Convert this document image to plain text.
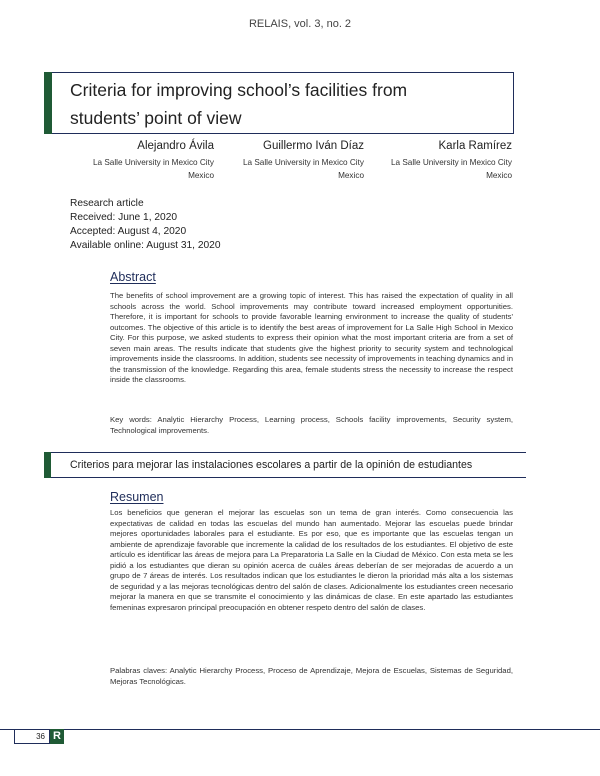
RELAIS, vol. 3, no. 2
Criteria for improving school’s facilities from
students’ point of view
Alejandro Ávila
La Salle University in Mexico City
Mexico
Guillermo Iván Díaz
La Salle University in Mexico City
Mexico
Karla Ramírez
La Salle University in Mexico City
Mexico
Research article
Received: June 1, 2020
Accepted: August 4, 2020
Available online: August 31, 2020
Abstract
The benefits of school improvement are a growing topic of interest. This has raised the expectation of quality in all schools across the world. School improvements may contribute toward increased employment opportunities. Therefore, it is important for schools to provide favorable learning environment to increase the quality of students' outcomes. The objective of this article is to identify the best areas of improvement for La Salle High School in Mexico City. For this purpose, we asked students to express their opinion what the most important criteria are from a set of seven main areas. The results indicate that students give the highest priority to security system and technological improvements inside the classrooms. In addition, students see necessity of improvements in teaching dynamics and in the transmission of the knowledge. Regarding this area, female students stress the necessity to increase the respect inside the classrooms.
Key words: Analytic Hierarchy Process, Learning process, Schools facility improvements, Security system, Technological improvements.
Criterios para mejorar las instalaciones escolares a partir de la opinión de estudiantes
Resumen
Los beneficios que generan el mejorar las escuelas son un tema de gran interés. Como consecuencia las expectativas de calidad en todas las escuelas del mundo han aumentado. Mejorar las escuelas puede brindar mejores oportunidades laborales para el estudiante. Es por eso, que es importante que las escuelas tengan un ambiente de aprendizaje favorable que incremente la calidad de los resultados de los estudiantes. El objetivo de este artículo es identificar las áreas de mejora para La Preparatoria La Salle en la Ciudad de México. Con esta meta se les pidió a los estudiantes que dieran su opinión acerca de cuáles áreas deberían de ser mejoradas de acuerdo a un grupo de 7 áreas de interés. Los resultados indican que los estudiantes le dieron la prioridad más alta a los sistemas de seguridad y a las mejoras tecnológicas dentro del salón de clases. Adicionalmente los estudiantes creen necesario mejorar la manera en que se transmite el conocimiento y las dinámicas de clase. En este apartado las estudiantes femeninas expresaron principal preocupación en obtener respeto dentro del salón de clases.
Palabras claves: Analytic Hierarchy Process, Proceso de Aprendizaje, Mejora de Escuelas, Sistemas de Seguridad, Mejoras Tecnológicas.
36 R
